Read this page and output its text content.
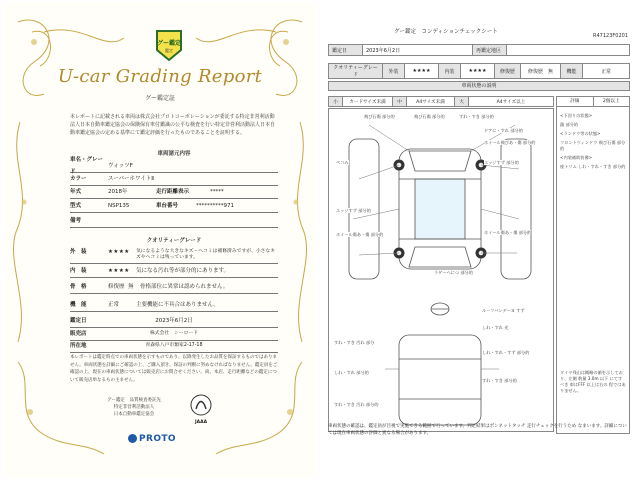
グー鑑定
鑑定
U-car Grading Report
グー鑑定証
本レポートに記載される車両は株式会社プロトコーポレーションが委託する特定非営利活動法人日本自動車鑑定協会の保険保有車付鑑識の公平な検査を行い特定非営利活動法人日本自動車鑑定協会の定める基準にて鑑定評価を行ったものであることを証明する。
車両諸元内容
車名・グレード
ヴォッツF
カラー	スーパーホワイトⅡ
年式	2018年	走行距離表示	*****
型式	NSP135	車台番号	**********971
備考
クオリティーグレード
外　装	★★★★	気になるような大きなキズ・ヘコミは補修済みですが、小さなキズやヘコミは残っています。
内　装	★★★★	気になる汚れ等が部分的にあります。
骨　格	修復歴 無	骨格部位に異常は認められません。
機　能	正常	主要機能に不具合はありません。
鑑定日	2023年6月2日
販売店	株式会社　シーロード
所在地	青森県八戸市類家2-17-18
本レポートは鑑定時点での車両状態を示すものであり、以降発生したお品質を保証するものではありません。車両状態を詳細にご確認の上、ご購入頂き、保証の判断に努めなければなりません。鑑定員をご確認の上、現在の車両状態については販売店にお問合せください。尚、本店、走行距離などの鑑定について販売店単なるもの主ません。
グー鑑定　品質検査委託先
特定非営利活動法人
日本自動車鑑定協会
JAAA
PROTO
グー鑑定　コンディションチェックシート
R47123F0201
鑑定日	2023年6月2日	再鑑定地区	
クオリティーグレード	外装	★★★★	内装	★★★★	修復歴	修復歴　無	機能	正常
車両状態の説明
小	カードサイズ未満	中	A4サイズ未満	大	A4サイズ以上
飛び石傷 部分的	飛び石傷 部分的	すれ・すき 部分的
ドアに・すれ 部分的
ホイール飛びあ・傷 部分的
ペコみ	エッジすず 部分的
エッジすず 部分的
ホイール傷あ・傷 部分的	ホイール傷あ・傷 部分的
ラゲーヘにつ 部分的
ルーフバンデーヨ すず
しれ・すれ 光
すれ・すき 汚れ 部分
しれ・すれ・すず 部分的
しれ・すれ 部分的
すれ・すき 部分的
すれ・すき 汚れ 部分的
評価	2個以上
<下回りの状態>
錆 部分的
<ランドウ等の状態>
フロントウィンドウ 飛び石傷 部分的
<内装補助装備>
座トリム しわ・すれ・すき 部分的
タイヤ残山は概略の値を示しており、左側 数量 3.0m 以下 にてすべき 車はFFF 以上は右の 程ではありません。
車両状態の確認は、鑑定員が目視で実施できる範囲で行っています。判定結果はボンネットタッチ 走行チェックを行うため なまいます。詳細については現在車両状態の評価と異なる場合があります。
